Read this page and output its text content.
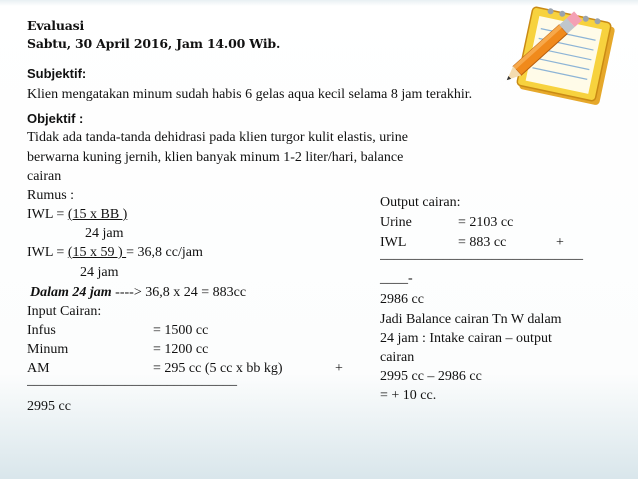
Evaluasi
Sabtu, 30 April 2016, Jam 14.00 Wib.
Subjektif:
Klien mengatakan minum sudah habis 6 gelas aqua kecil selama 8 jam terakhir.
Objektif :
Tidak ada tanda-tanda dehidrasi pada klien turgor kulit elastis, urine
berwarna kuning jernih, klien banyak minum 1-2 liter/hari, balance
cairan
Rumus :
IWL = (15 x BB )
24 jam
IWL = (15 x 59 ) = 36,8 cc/jam
24 jam
Dalam 24 jam ----> 36,8 x 24 = 883cc
Input Cairan:
Infus	= 1500 cc
Minum	= 1200 cc
AM	= 295 cc (5 cc x bb kg)	+
______________________________
2995 cc
Output cairan:
Urine	= 2103 cc
IWL	= 883 cc	+
_____________________________
____-
2986 cc
Jadi Balance cairan Tn W dalam
24 jam : Intake cairan – output
cairan
2995 cc – 2986 cc
= + 10 cc.
